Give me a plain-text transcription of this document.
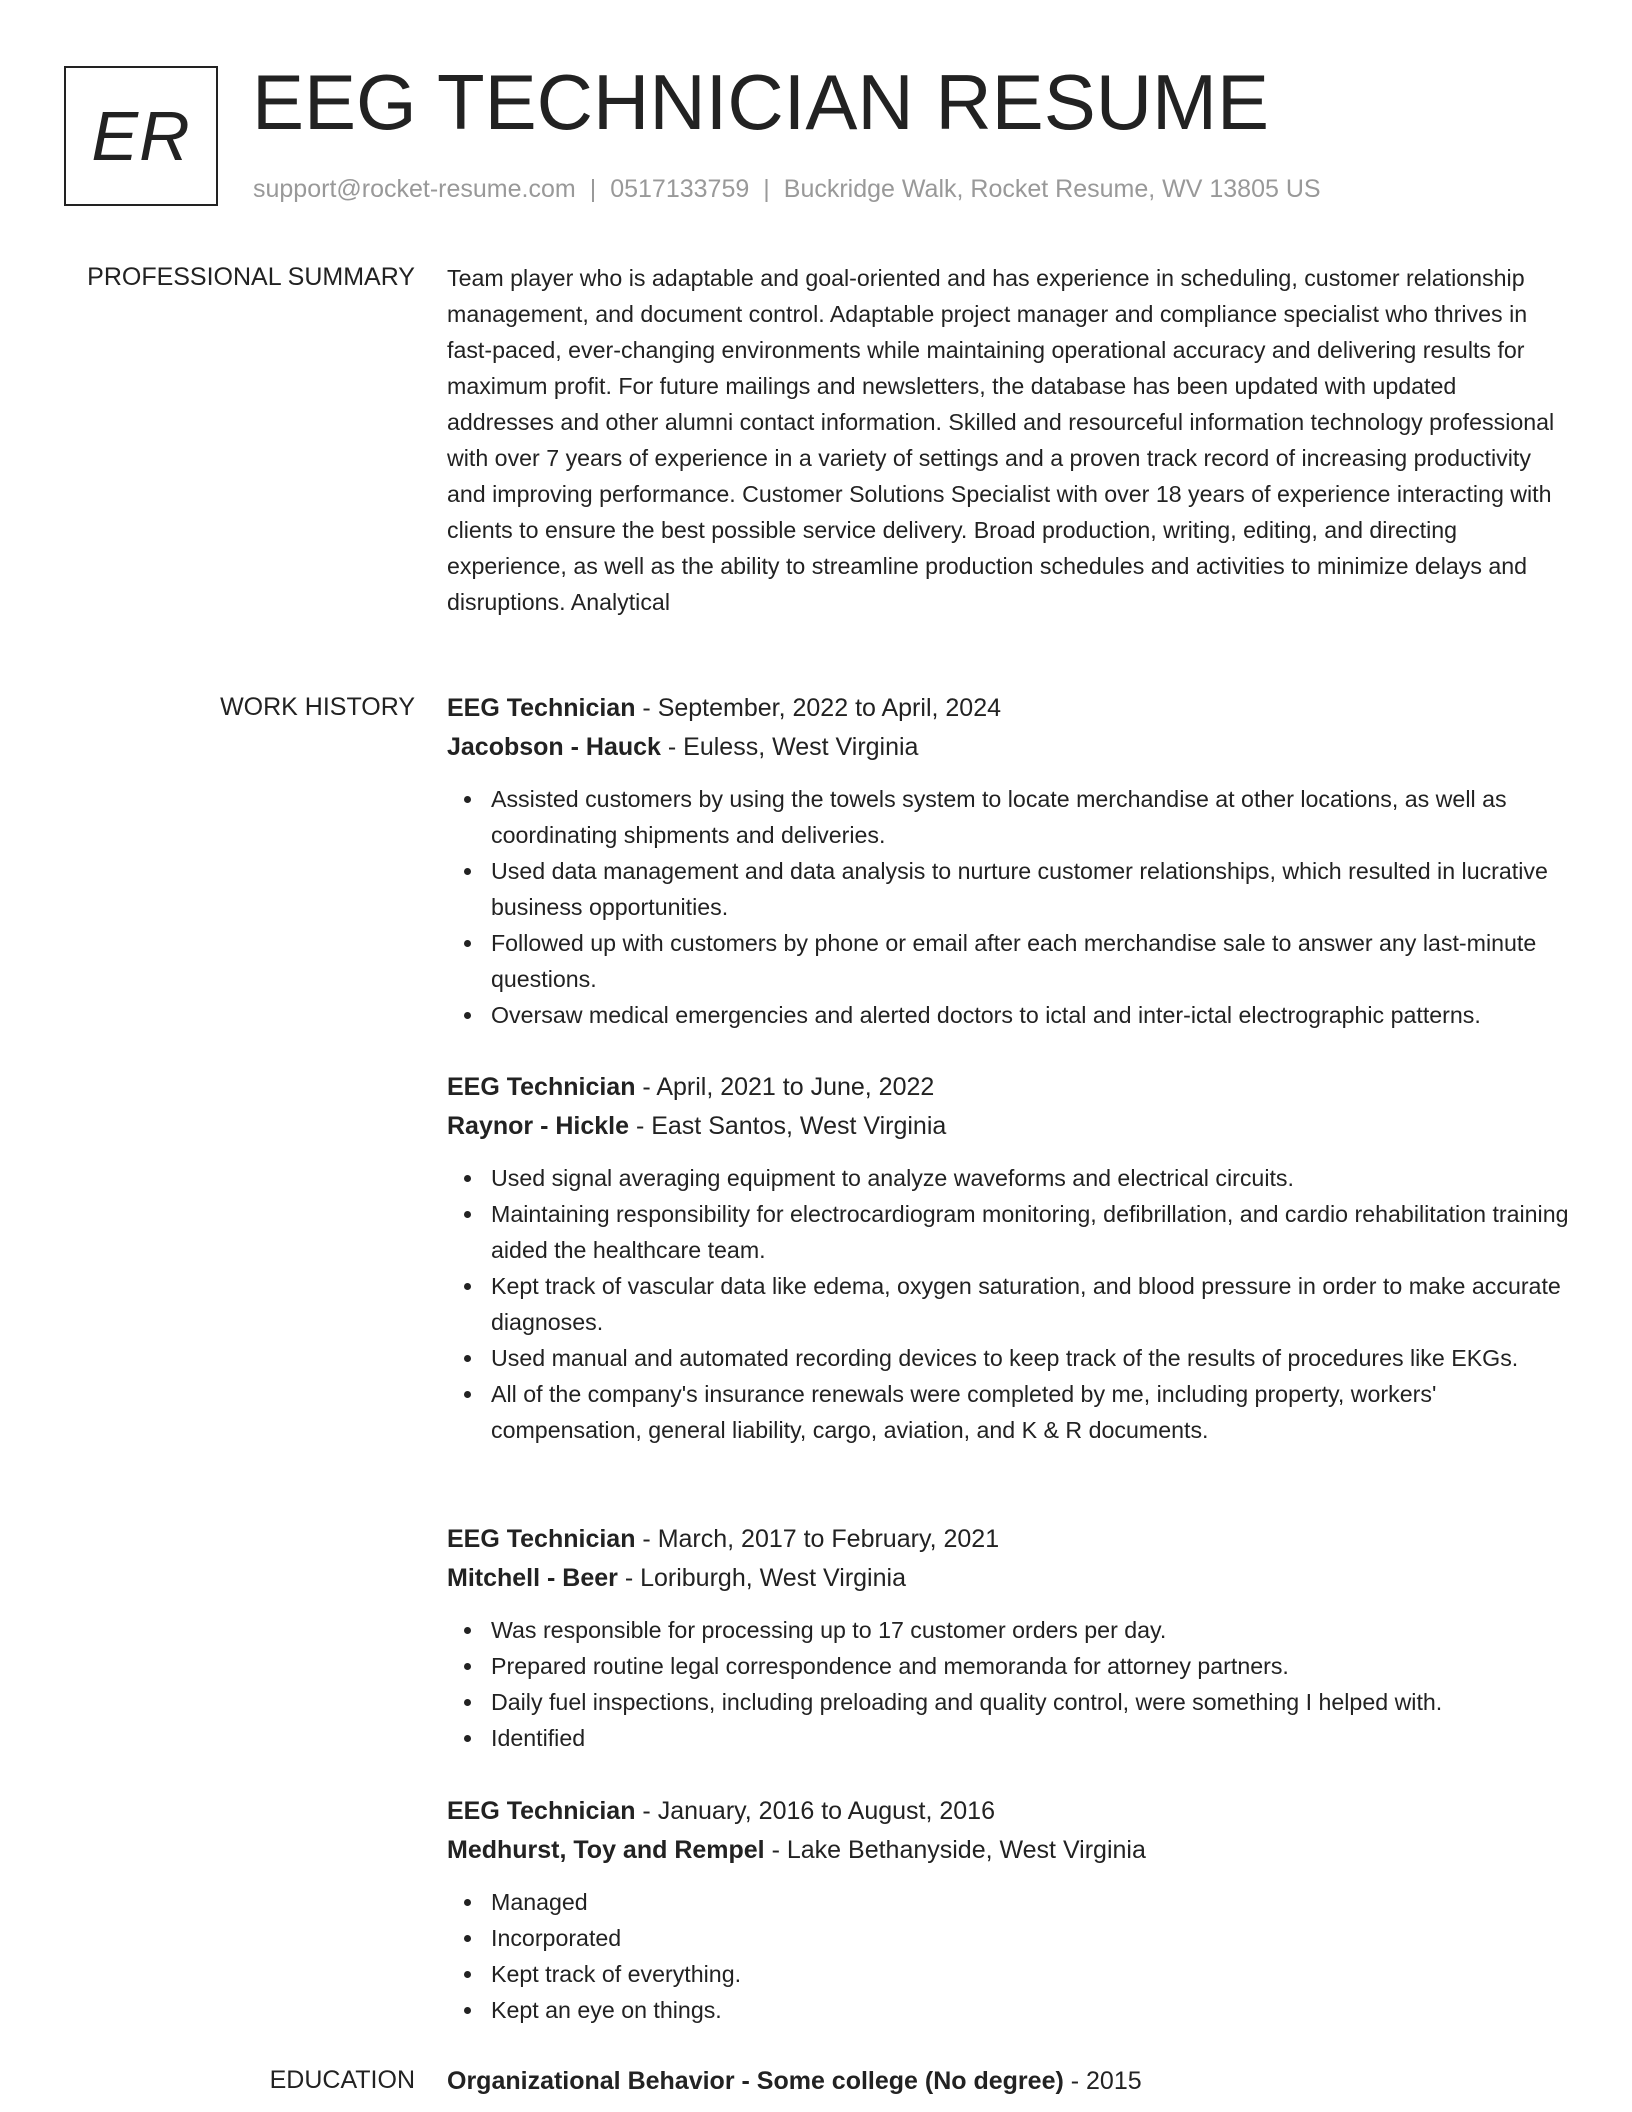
ER EEG TECHNICIAN RESUME
support@rocket-resume.com | 0517133759 | Buckridge Walk, Rocket Resume, WV 13805 US
PROFESSIONAL SUMMARY Team player who is adaptable and goal-oriented and has experience in scheduling, customer relationship management, and document control. Adaptable project manager and compliance specialist who thrives in fast-paced, ever-changing environments while maintaining operational accuracy and delivering results for maximum profit. For future mailings and newsletters, the database has been updated with updated addresses and other alumni contact information. Skilled and resourceful information technology professional with over 7 years of experience in a variety of settings and a proven track record of increasing productivity and improving performance. Customer Solutions Specialist with over 18 years of experience interacting with clients to ensure the best possible service delivery. Broad production, writing, editing, and directing experience, as well as the ability to streamline production schedules and activities to minimize delays and disruptions. Analytical

WORK HISTORY EEG Technician - September, 2022 to April, 2024
Jacobson - Hauck - Euless, West Virginia
Assisted customers by using the towels system to locate merchandise at other locations, as well as coordinating shipments and deliveries.
Used data management and data analysis to nurture customer relationships, which resulted in lucrative business opportunities.
Followed up with customers by phone or email after each merchandise sale to answer any last-minute questions.
Oversaw medical emergencies and alerted doctors to ictal and inter-ictal electrographic patterns.
EEG Technician - April, 2021 to June, 2022
Raynor - Hickle - East Santos, West Virginia
Used signal averaging equipment to analyze waveforms and electrical circuits.
Maintaining responsibility for electrocardiogram monitoring, defibrillation, and cardio rehabilitation training aided the healthcare team.
Kept track of vascular data like edema, oxygen saturation, and blood pressure in order to make accurate diagnoses.
Used manual and automated recording devices to keep track of the results of procedures like EKGs.
All of the company's insurance renewals were completed by me, including property, workers' compensation, general liability, cargo, aviation, and K & R documents.
EEG Technician - March, 2017 to February, 2021
Mitchell - Beer - Loriburgh, West Virginia
Was responsible for processing up to 17 customer orders per day.
Prepared routine legal correspondence and memoranda for attorney partners.
Daily fuel inspections, including preloading and quality control, were something I helped with.
Identified
EEG Technician - January, 2016 to August, 2016
Medhurst, Toy and Rempel - Lake Bethanyside, West Virginia
Managed
Incorporated
Kept track of everything.
Kept an eye on things.
EDUCATION Organizational Behavior - Some college (No degree) - 2015
